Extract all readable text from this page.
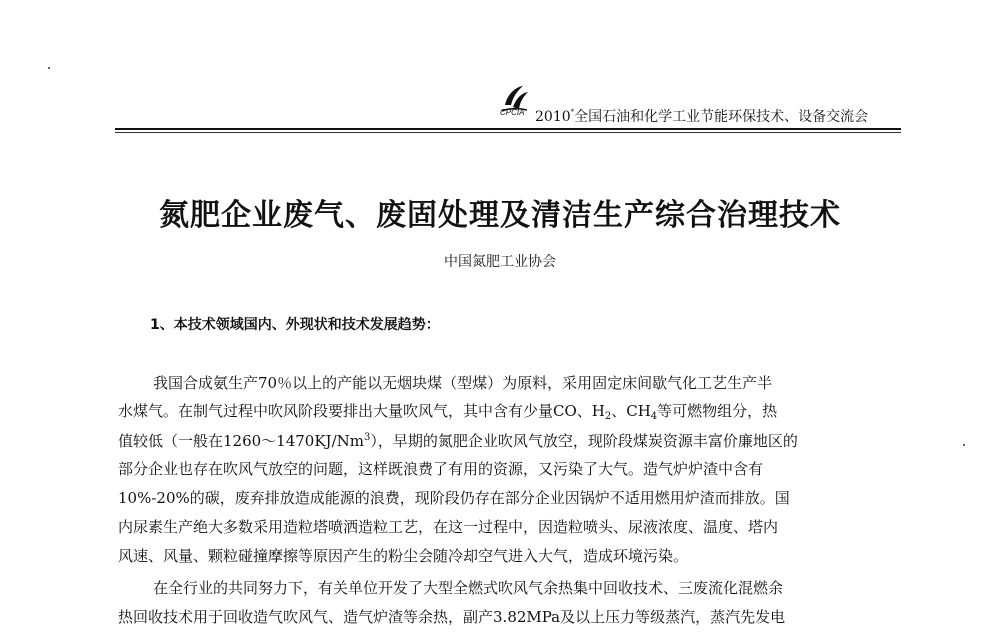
CPCIA 2010*全国石油和化学工业节能环保技术、设备交流会
氮肥企业废气、废固处理及清洁生产综合治理技术
中国氮肥工业协会
1、本技术领域国内、外现状和技术发展趋势：
我国合成氨生产70％以上的产能以无烟块煤（型煤）为原料，采用固定床间歇气化工艺生产半
水煤气。在制气过程中吹风阶段要排出大量吹风气，其中含有少量CO、$H_2$、$CH_4$等可燃物组分，热
值较低（一般在1260～1470KJ/Nm$^3$），早期的氮肥企业吹风气放空，现阶段煤炭资源丰富价廉地区的
部分企业也存在吹风气放空的问题，这样既浪费了有用的资源，又污染了大气。造气炉炉渣中含有
10%-20%的碳，废弃排放造成能源的浪费，现阶段仍存在部分企业因锅炉不适用燃用炉渣而排放。国
内尿素生产绝大多数采用造粒塔喷洒造粒工艺，在这一过程中，因造粒喷头、尿液浓度、温度、塔内
风速、风量、颗粒碰撞摩擦等原因产生的粉尘会随冷却空气进入大气，造成环境污染。
在全行业的共同努力下，有关单位开发了大型全燃式吹风气余热集中回收技术、三废流化混燃余
热回收技术用于回收造气吹风气、造气炉渣等余热，副产3.82MPa及以上压力等级蒸汽，蒸汽先发电
